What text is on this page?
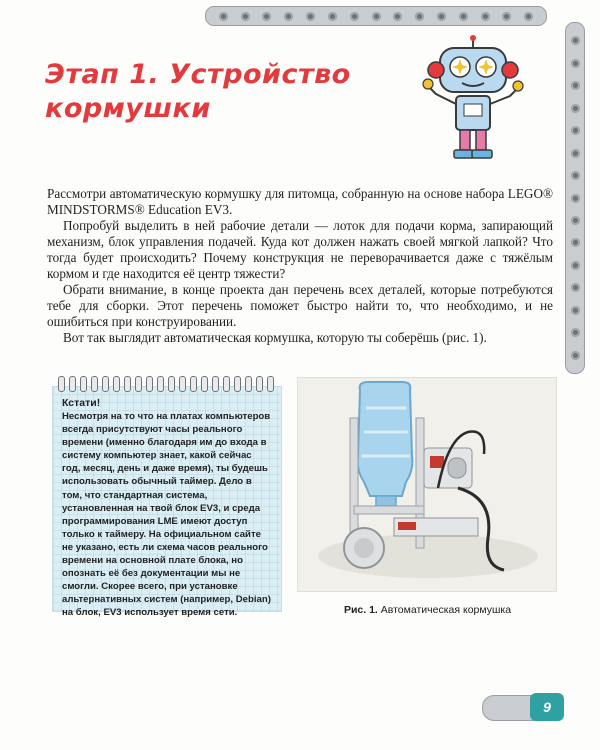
Этап 1. Устройство кормушки

Рассмотри автоматическую кормушку для питомца, собранную на основе набора LEGO® MINDSTORMS® Education EV3.

Попробуй выделить в ней рабочие детали — лоток для подачи корма, запирающий механизм, блок управления подачей. Куда кот должен нажать своей мягкой лапкой? Что тогда будет происходить? Почему конструкция не переворачивается даже с тяжёлым кормом и где находится её центр тяжести?

Обрати внимание, в конце проекта дан перечень всех деталей, которые потребуются тебе для сборки. Этот перечень поможет быстро найти то, что необходимо, и не ошибиться при конструировании.

Вот так выглядит автоматическая кормушка, которую ты соберёшь (рис. 1).

Кстати!

Несмотря на то что на платах компьютеров всегда присутствуют часы реального времени (именно благодаря им до входа в систему компьютер знает, какой сейчас год, месяц, день и даже время), ты будешь использовать обычный таймер. Дело в том, что стандартная система, установленная на твой блок EV3, и среда программирования LME имеют доступ только к таймеру. На официальном сайте не указано, есть ли схема часов реального времени на основной плате блока, но опознать её без документации мы не смогли. Скорее всего, при установке альтернативных систем (например, Debian) на блок, EV3 использует время сети.	Рис. 1. Автоматическая кормушка
9
